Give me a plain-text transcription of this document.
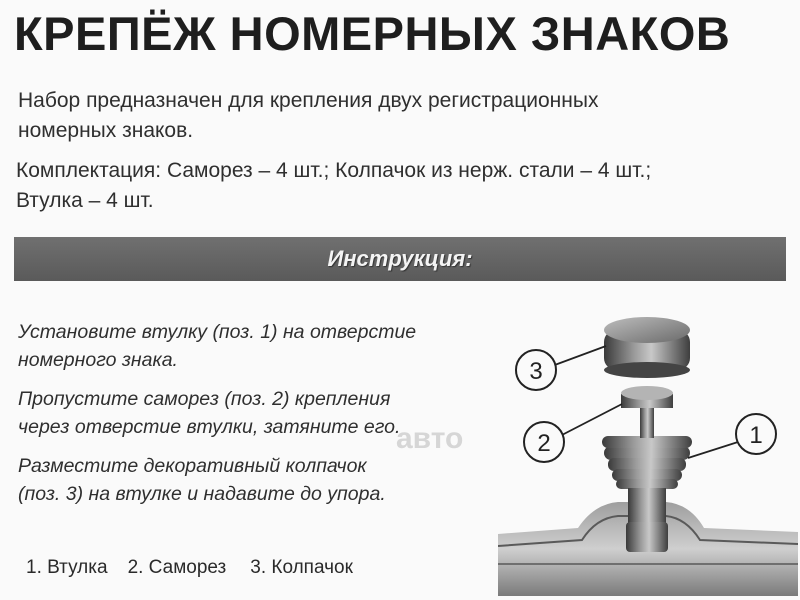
КРЕПЁЖ НОМЕРНЫХ ЗНАКОВ
Набор предназначен для крепления двух регистрационных
номерных знаков.
Комплектация: Саморез – 4 шт.; Колпачок из нерж. стали – 4 шт.;
Втулка – 4 шт.
Инструкция:

Установите втулку (поз. 1) на отверстие
номерного знака.

Пропустите саморез (поз. 2) крепления
через отверстие втулки, затяните его.

Разместите декоративный колпачок
(поз. 3) на втулке и надавите до упора.

1. Втулка 2. Саморез 3. Колпачок
авто
3
2	1
